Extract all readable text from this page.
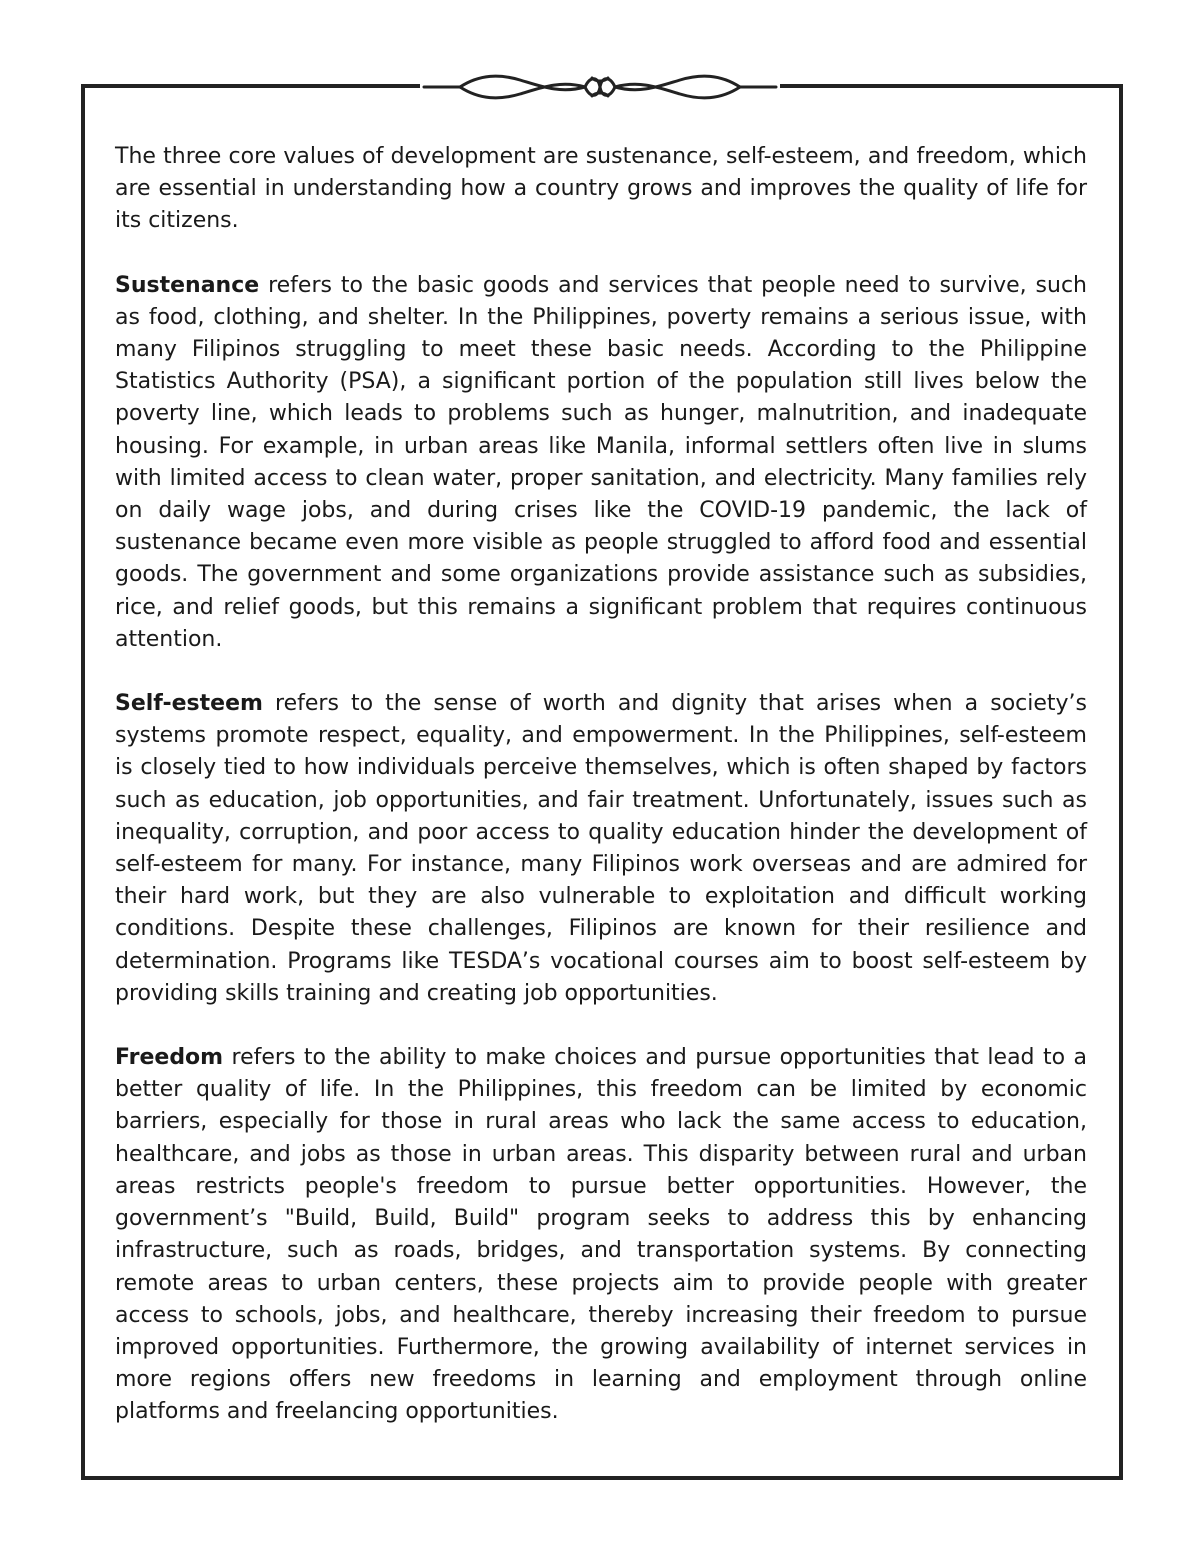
The three core values of development are sustenance, self-esteem, and freedom, which are essential in understanding how a country grows and improves the quality of life for its citizens.

Sustenance refers to the basic goods and services that people need to survive, such as food, clothing, and shelter. In the Philippines, poverty remains a serious issue, with many Filipinos struggling to meet these basic needs. According to the Philippine Statistics Authority (PSA), a significant portion of the population still lives below the poverty line, which leads to problems such as hunger, malnutrition, and inadequate housing. For example, in urban areas like Manila, informal settlers often live in slums with limited access to clean water, proper sanitation, and electricity. Many families rely on daily wage jobs, and during crises like the COVID-19 pandemic, the lack of sustenance became even more visible as people struggled to afford food and essential goods. The government and some organizations provide assistance such as subsidies, rice, and relief goods, but this remains a significant problem that requires continuous attention.

Self-esteem refers to the sense of worth and dignity that arises when a society’s systems promote respect, equality, and empowerment. In the Philippines, self-esteem is closely tied to how individuals perceive themselves, which is often shaped by factors such as education, job opportunities, and fair treatment. Unfortunately, issues such as inequality, corruption, and poor access to quality education hinder the development of self-esteem for many. For instance, many Filipinos work overseas and are admired for their hard work, but they are also vulnerable to exploitation and difficult working conditions. Despite these challenges, Filipinos are known for their resilience and determination. Programs like TESDA’s vocational courses aim to boost self-esteem by providing skills training and creating job opportunities.

Freedom refers to the ability to make choices and pursue opportunities that lead to a better quality of life. In the Philippines, this freedom can be limited by economic barriers, especially for those in rural areas who lack the same access to education, healthcare, and jobs as those in urban areas. This disparity between rural and urban areas restricts people's freedom to pursue better opportunities. However, the government’s "Build, Build, Build" program seeks to address this by enhancing infrastructure, such as roads, bridges, and transportation systems. By connecting remote areas to urban centers, these projects aim to provide people with greater access to schools, jobs, and healthcare, thereby increasing their freedom to pursue improved opportunities. Furthermore, the growing availability of internet services in more regions offers new freedoms in learning and employment through online platforms and freelancing opportunities.
